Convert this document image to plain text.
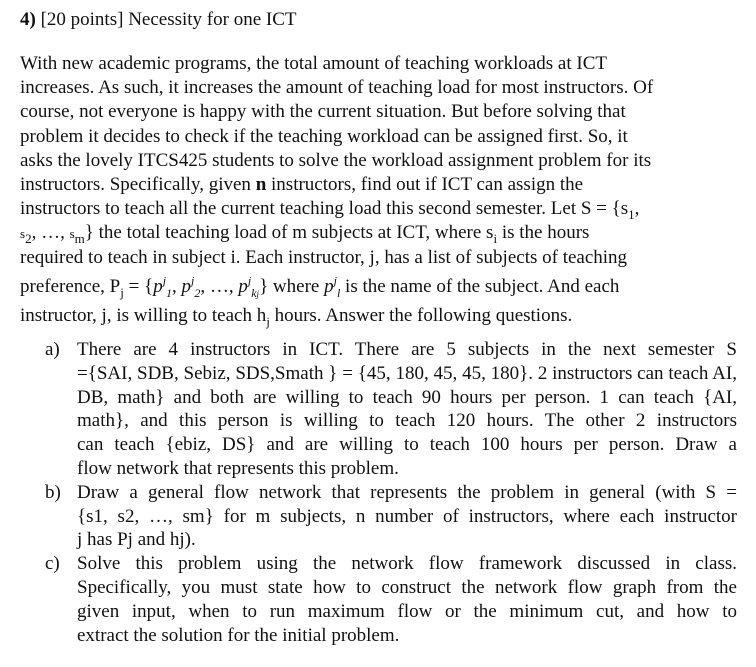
4) [20 points] Necessity for one ICT
With new academic programs, the total amount of teaching workloads at ICT
increases. As such, it increases the amount of teaching load for most instructors. Of
course, not everyone is happy with the current situation. But before solving that
problem it decides to check if the teaching workload can be assigned first. So, it
asks the lovely ITCS425 students to solve the workload assignment problem for its
instructors. Specifically, given n instructors, find out if ICT can assign the
instructors to teach all the current teaching load this second semester. Let $S = \{s_1$,
$s_2$, …, $s_m$} the total teaching load of m subjects at ICT, where $s_i$ is the hours
required to teach in subject i. Each instructor, j, has a list of subjects of teaching
preference, $P_j = \{p^j_1$, $p^j_2$, …, $p^j_{kj}$} where $p^j_l$ is the name of the subject. And each
instructor, j, is willing to teach $h_j$ hours. Answer the following questions.
a) There are 4 instructors in ICT. There are 5 subjects in the next semester S
={SAI, SDB, Sebiz, SDS,Smath } = {45, 180, 45, 45, 180}. 2 instructors can teach AI,
DB, math} and both are willing to teach 90 hours per person. 1 can teach {AI,
math}, and this person is willing to teach 120 hours. The other 2 instructors
can teach {ebiz, DS} and are willing to teach 100 hours per person. Draw a
flow network that represents this problem.
b) Draw a general flow network that represents the problem in general (with S =
{s1, s2, …, sm} for m subjects, n number of instructors, where each instructor
j has Pj and hj).
c) Solve this problem using the network flow framework discussed in class.
Specifically, you must state how to construct the network flow graph from the
given input, when to run maximum flow or the minimum cut, and how to
extract the solution for the initial problem.
